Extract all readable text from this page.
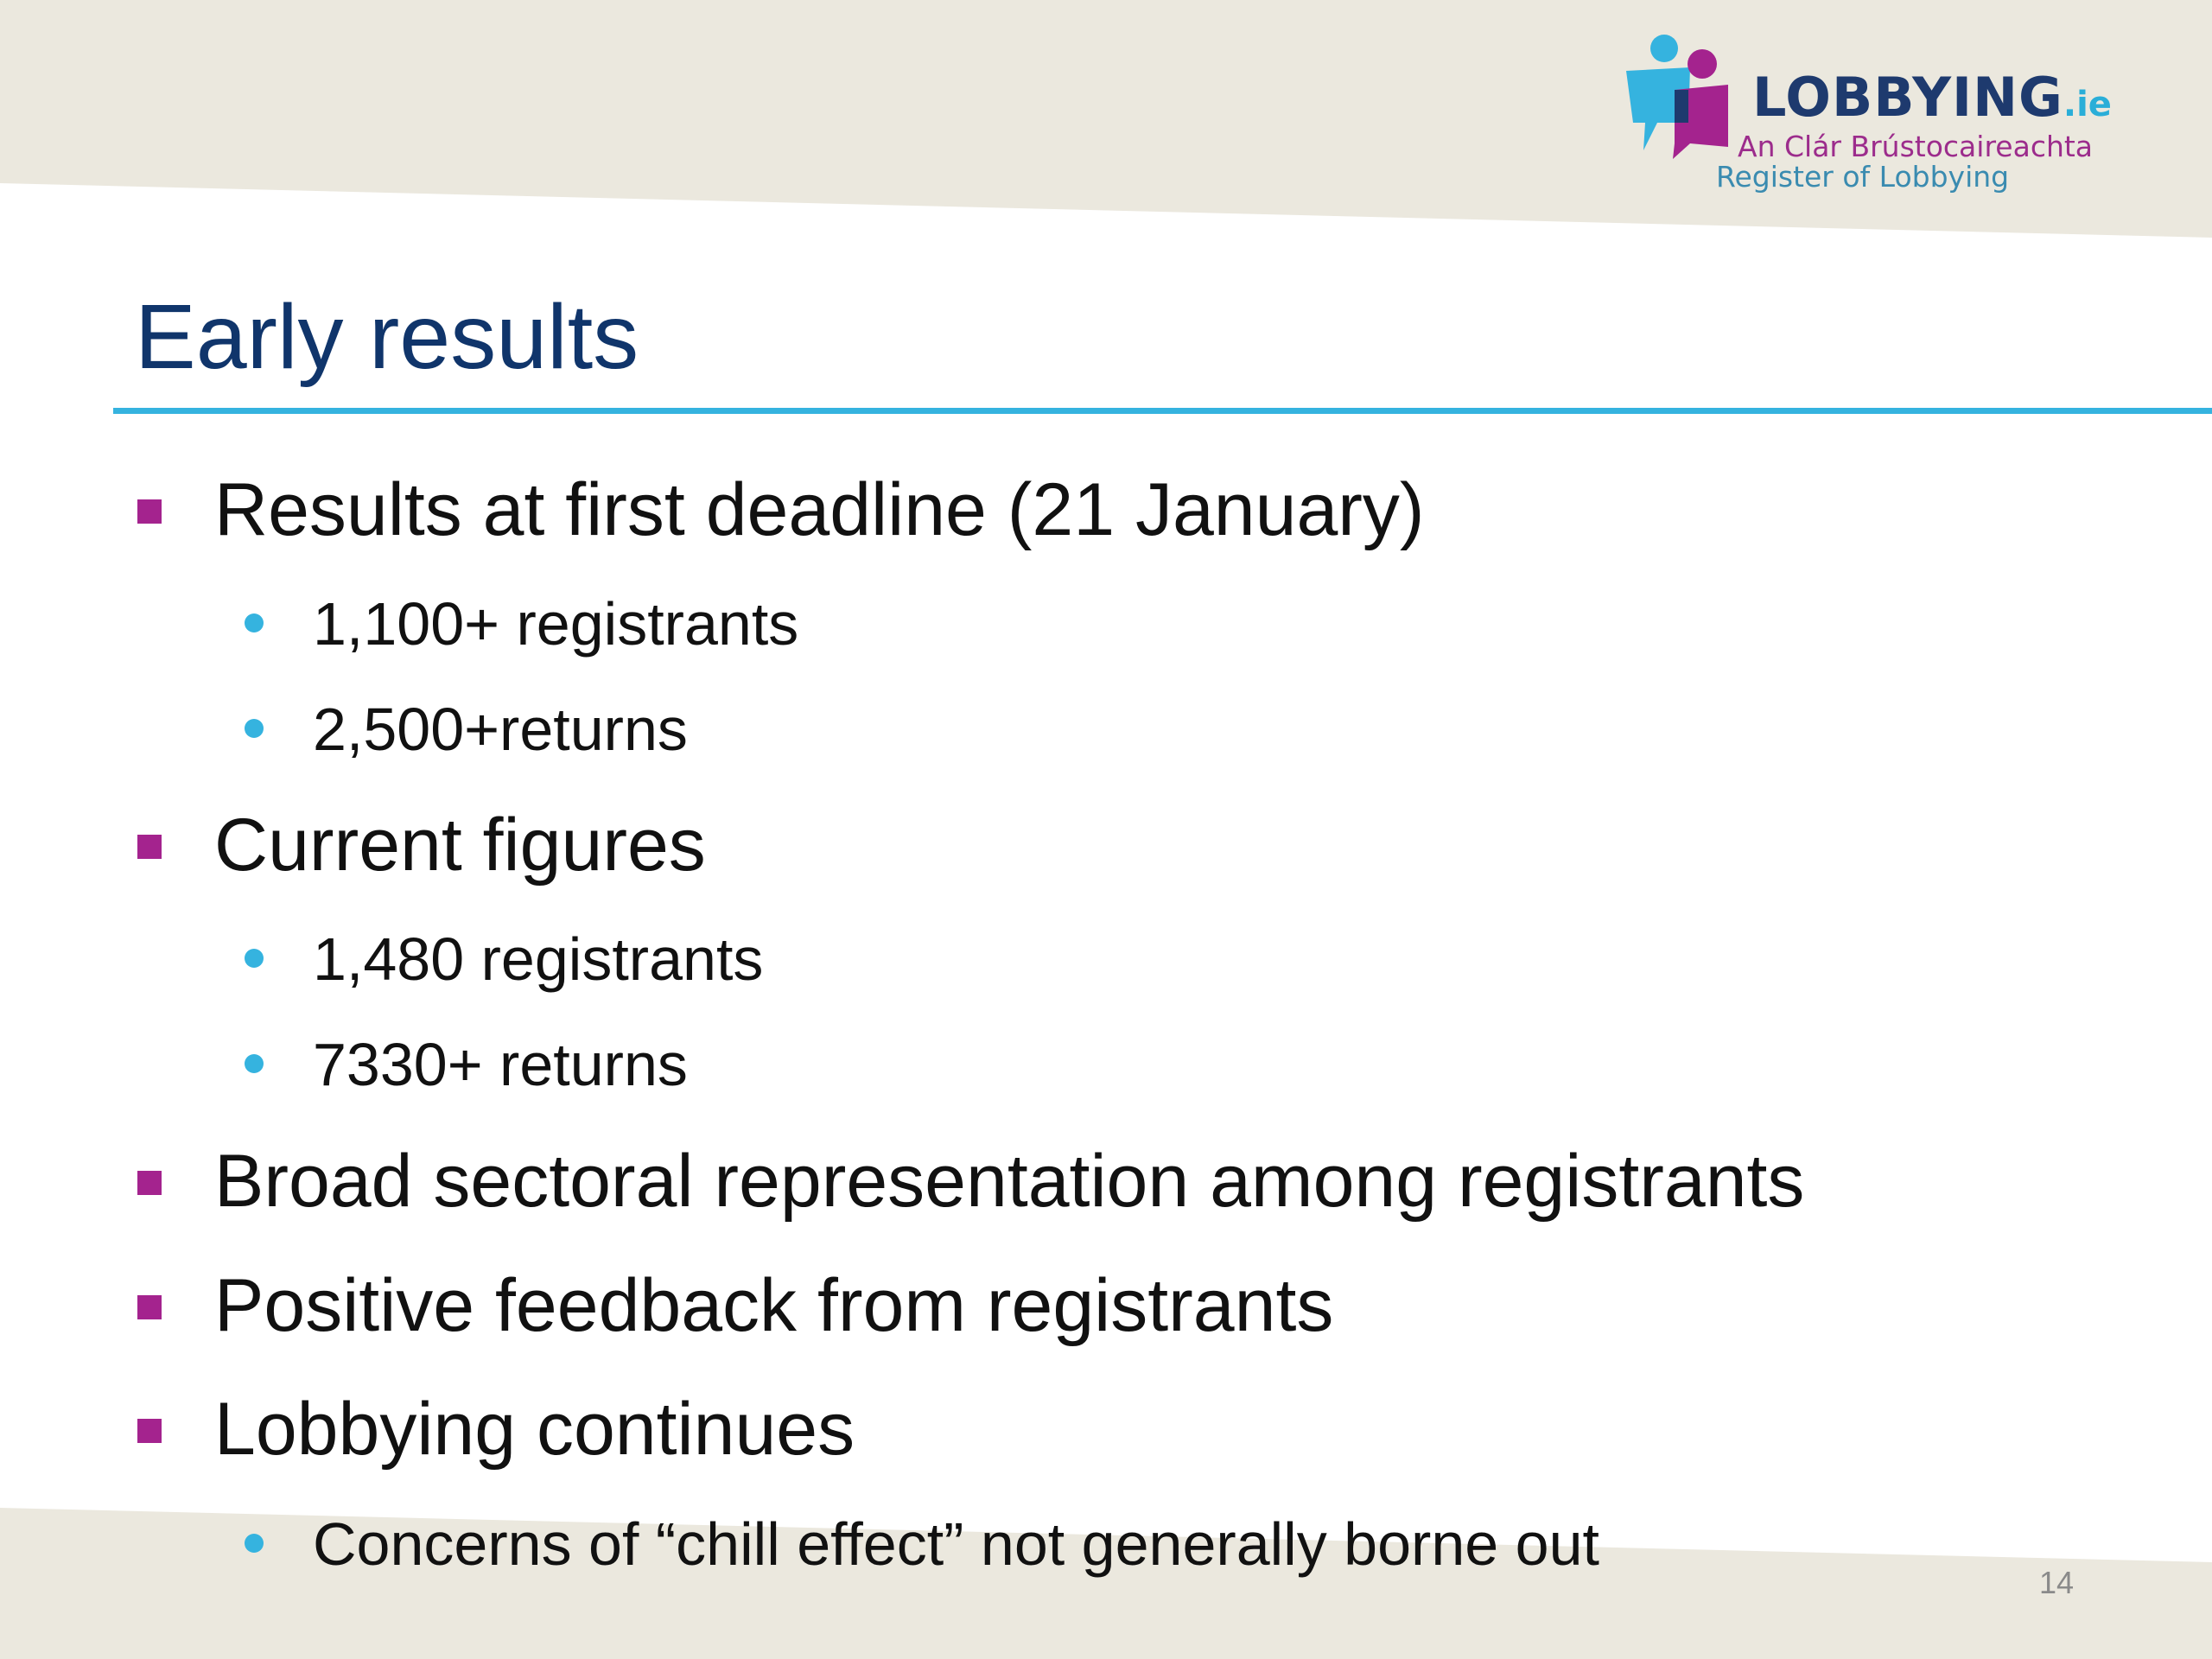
LOBBYING.ie
An Clár Brústocaireachta
Register of Lobbying
Early results
Results at first deadline (21 January)
1,100+ registrants
2,500+returns
Current figures
1,480 registrants
7330+ returns
Broad sectoral representation among registrants
Positive feedback from registrants
Lobbying continues
Concerns of “chill effect” not generally borne out
14
